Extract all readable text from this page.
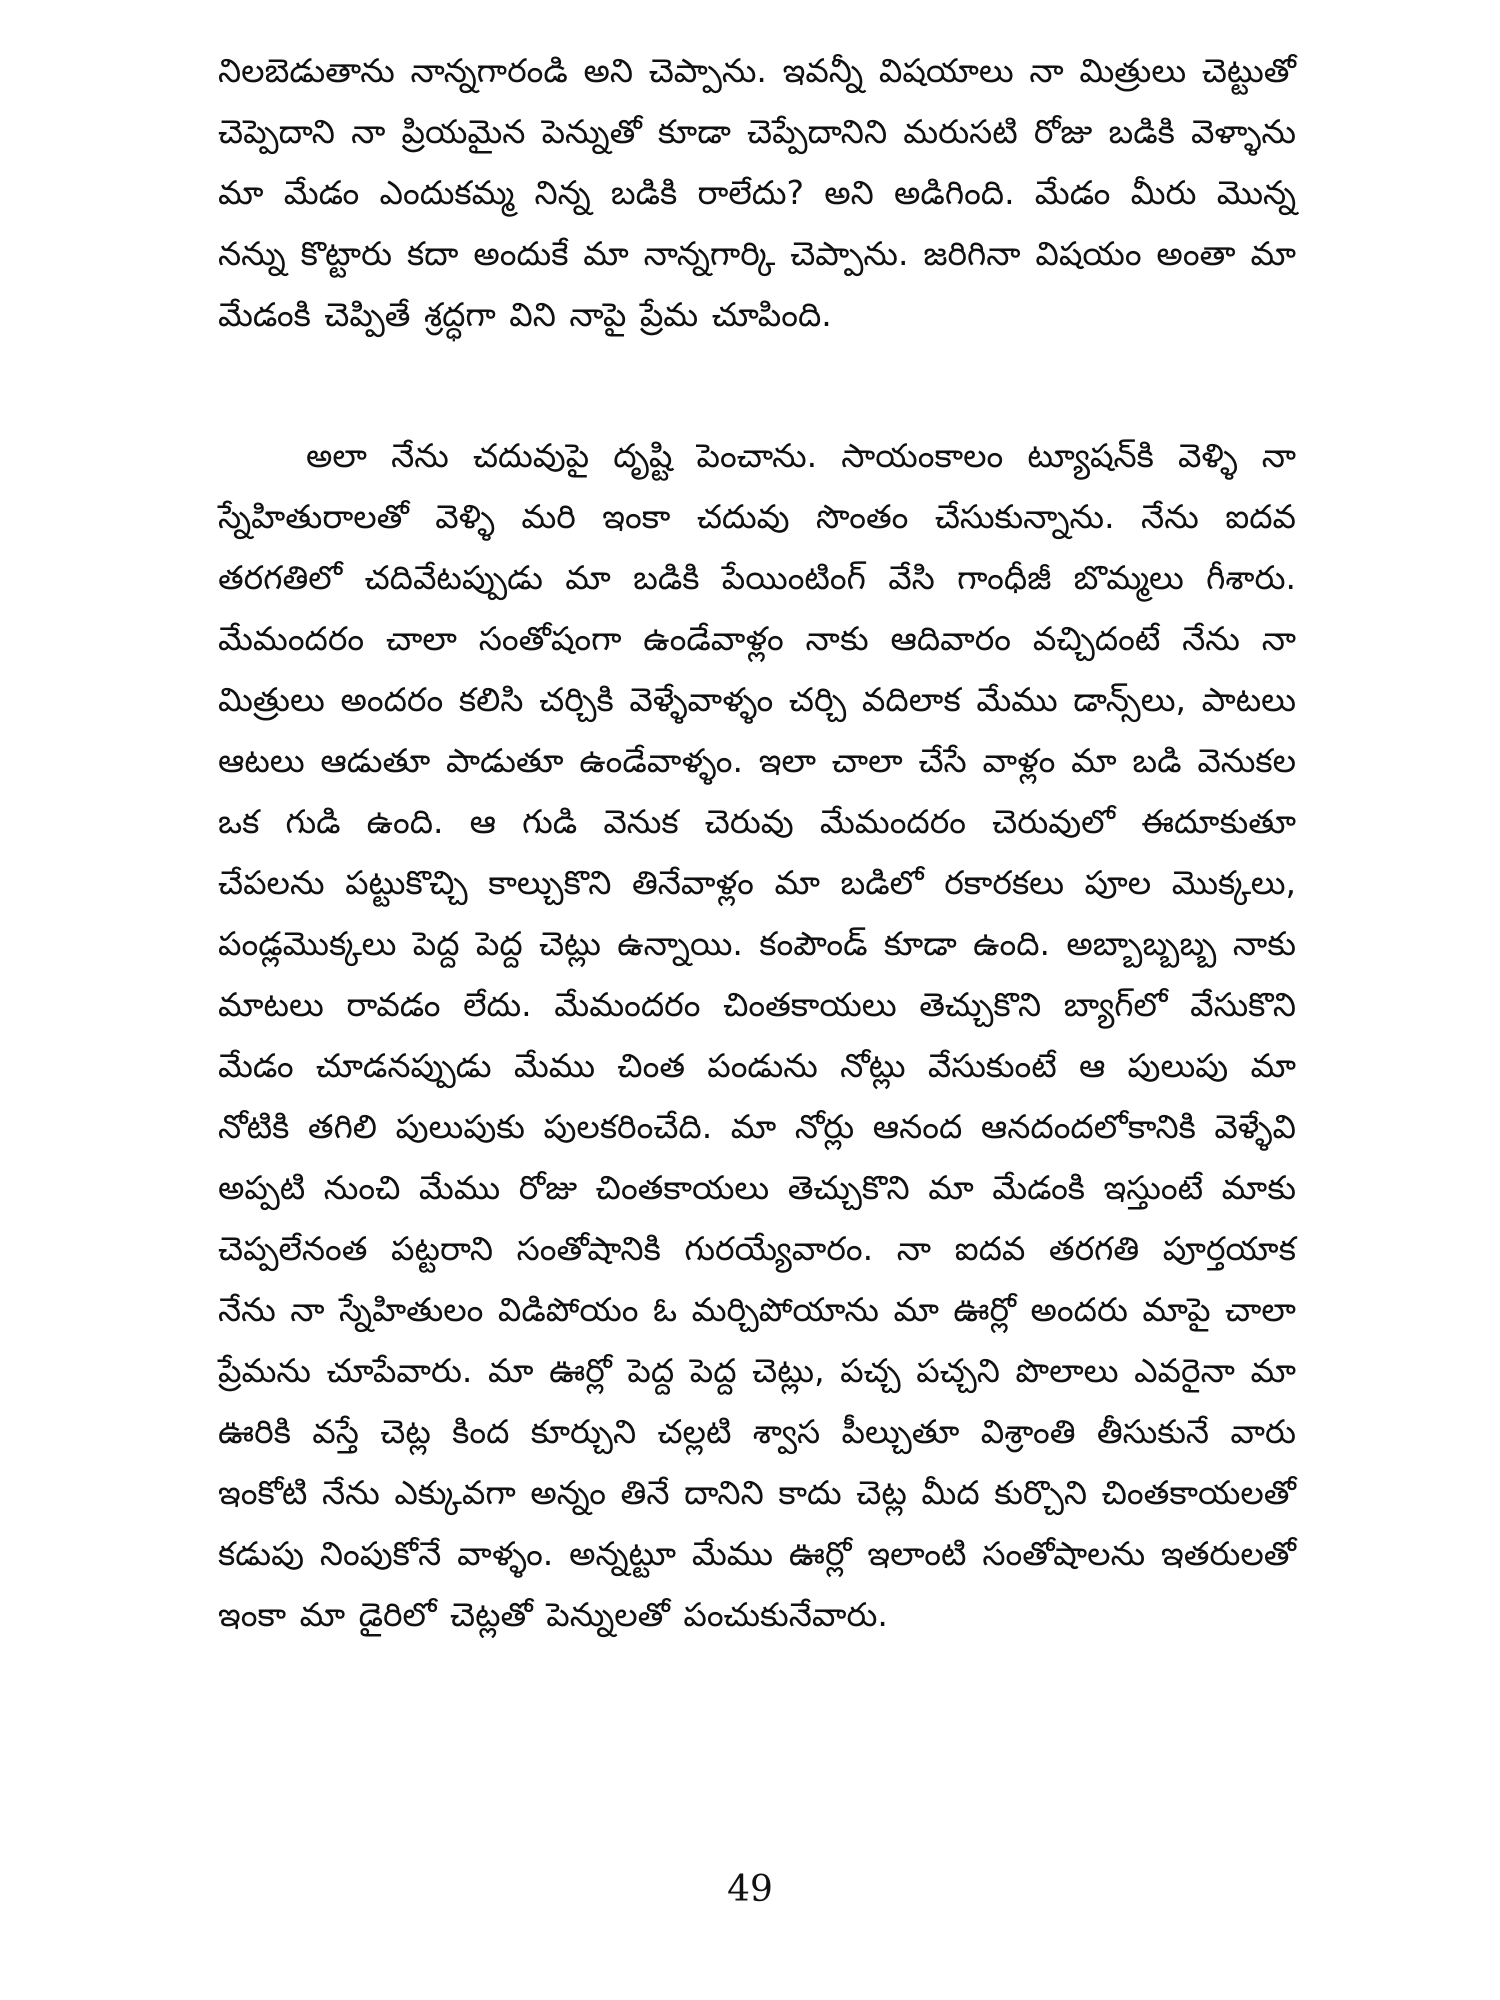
నిలబెడుతాను నాన్నగారండి అని చెప్పాను. ఇవన్నీ విషయాలు నా మిత్రులు చెట్టుతో చెప్పెదాని నా ప్రియమైన పెన్నుతో కూడా చెప్పేదానిని మరుసటి రోజు బడికి వెళ్ళాను మా మేడం ఎందుకమ్మ నిన్న బడికి రాలేదు? అని అడిగింది. మేడం మీరు మొన్న నన్ను కొట్టారు కదా అందుకే మా నాన్నగార్కి చెప్పాను. జరిగినా విషయం అంతా మా మేడంకి చెప్పితే శ్రద్ధగా విని నాపై ప్రేమ చూపింది.

అలా నేను చదువుపై దృష్టి పెంచాను. సాయంకాలం ట్యూషన్‌కి వెళ్ళి నా స్నేహితురాలతో వెళ్ళి మరి ఇంకా చదువు సొంతం చేసుకున్నాను. నేను ఐదవ తరగతిలో చదివేటప్పుడు మా బడికి పేయింటింగ్ వేసి గాంధీజీ బొమ్మలు గీశారు. మేమందరం చాలా సంతోషంగా ఉండేవాళ్లం నాకు ఆదివారం వచ్చిదంటే నేను నా మిత్రులు అందరం కలిసి చర్చికి వెళ్ళేవాళ్ళం చర్చి వదిలాక మేము డాన్స్‌లు, పాటలు ఆటలు ఆడుతూ పాడుతూ ఉండేవాళ్ళం. ఇలా చాలా చేసే వాళ్లం మా బడి వెనుకల ఒక గుడి ఉంది. ఆ గుడి వెనుక చెరువు మేమందరం చెరువులో ఈదూకుతూ చేపలను పట్టుకొచ్చి కాల్చుకొని తినేవాళ్లం మా బడిలో రకారకలు పూల మొక్కలు, పండ్లమొక్కలు పెద్ద పెద్ద చెట్లు ఉన్నాయి. కంపౌండ్ కూడా ఉంది. అబ్బాబ్బబ్బ నాకు మాటలు రావడం లేదు. మేమందరం చింతకాయలు తెచ్చుకొని బ్యాగ్‌లో వేసుకొని మేడం చూడనప్పుడు మేము చింత పండును నోట్లు వేసుకుంటే ఆ పులుపు మా నోటికి తగిలి పులుపుకు పులకరించేది. మా నోర్లు ఆనంద ఆనదందలోకానికి వెళ్ళేవి అప్పటి నుంచి మేము రోజు చింతకాయలు తెచ్చుకొని మా మేడంకి ఇస్తుంటే మాకు చెప్పలేనంత పట్టరాని సంతోషానికి గురయ్యేవారం. నా ఐదవ తరగతి పూర్తయాక నేను నా స్నేహితులం విడిపోయం ఓ మర్చిపోయాను మా ఊర్లో అందరు మాపై చాలా ప్రేమను చూపేవారు. మా ఊర్లో పెద్ద పెద్ద చెట్లు, పచ్చ పచ్చని పొలాలు ఎవరైనా మా ఊరికి వస్తే చెట్ల కింద కూర్చుని చల్లటి శ్వాస పీల్చుతూ విశ్రాంతి తీసుకునే వారు ఇంకోటి నేను ఎక్కువగా అన్నం తినే దానిని కాదు చెట్ల మీద కుర్చొని చింతకాయలతో కడుపు నింపుకోనే వాళ్ళం. అన్నట్టూ మేము ఊర్లో ఇలాంటి సంతోషాలను ఇతరులతో ఇంకా మా డైరిలో చెట్లతో పెన్నులతో పంచుకునేవారు.

49
